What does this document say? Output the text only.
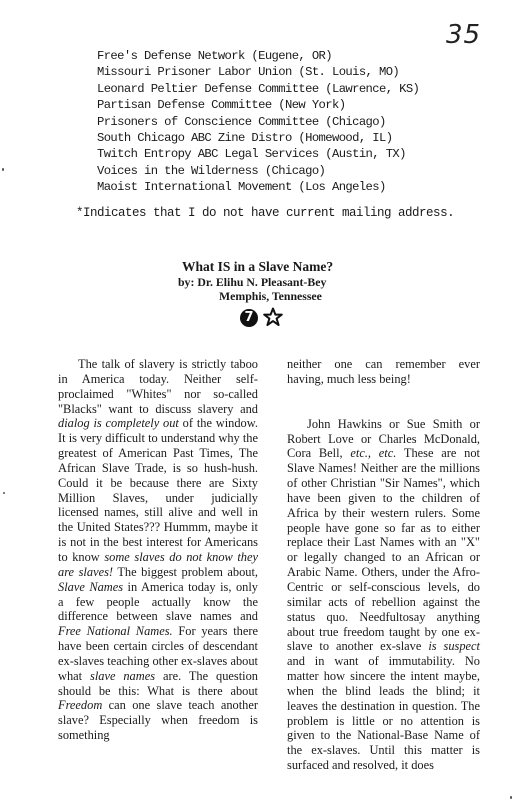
35
Free's Defense Network (Eugene, OR)
Missouri Prisoner Labor Union (St. Louis, MO)
Leonard Peltier Defense Committee (Lawrence, KS)
Partisan Defense Committee (New York)
Prisoners of Conscience Committee (Chicago)
South Chicago ABC Zine Distro (Homewood, IL)
Twitch Entropy ABC Legal Services (Austin, TX)
Voices in the Wilderness (Chicago)
Maoist International Movement (Los Angeles)
*Indicates that I do not have current mailing address.
What IS in a Slave Name?
by: Dr. Elihu N. Pleasant-Bey
Memphis, Tennessee
7

The talk of slavery is strictly taboo in America today. Neither self-proclaimed "Whites" nor so-called "Blacks" want to discuss slavery and dialog is completely out of the window. It is very difficult to understand why the greatest of American Past Times, The African Slave Trade, is so hush-hush. Could it be because there are Sixty Million Slaves, under judicially licensed names, still alive and well in the United States??? Hummm, maybe it is not in the best interest for Americans to know some slaves do not know they are slaves! The biggest problem about, Slave Names in America today is, only a few people actually know the difference between slave names and Free National Names. For years there have been certain circles of descendant ex-slaves teaching other ex-slaves about what slave names are. The question should be this: What is there about Freedom can one slave teach another slave? Especially when freedom is something

neither one can remember ever having, much less being!

John Hawkins or Sue Smith or Robert Love or Charles McDonald, Cora Bell, etc., etc. These are not Slave Names! Neither are the millions of other Christian "Sir Names", which have been given to the children of Africa by their western rulers. Some people have gone so far as to either replace their Last Names with an "X" or legally changed to an African or Arabic Name. Others, under the Afro-Centric or self-conscious levels, do similar acts of rebellion against the status quo. Needfultosay anything about true freedom taught by one ex-slave to another ex-slave is suspect and in want of immutability. No matter how sincere the intent maybe, when the blind leads the blind; it leaves the destination in question. The problem is little or no attention is given to the National-Base Name of the ex-slaves. Until this matter is surfaced and resolved, it does
